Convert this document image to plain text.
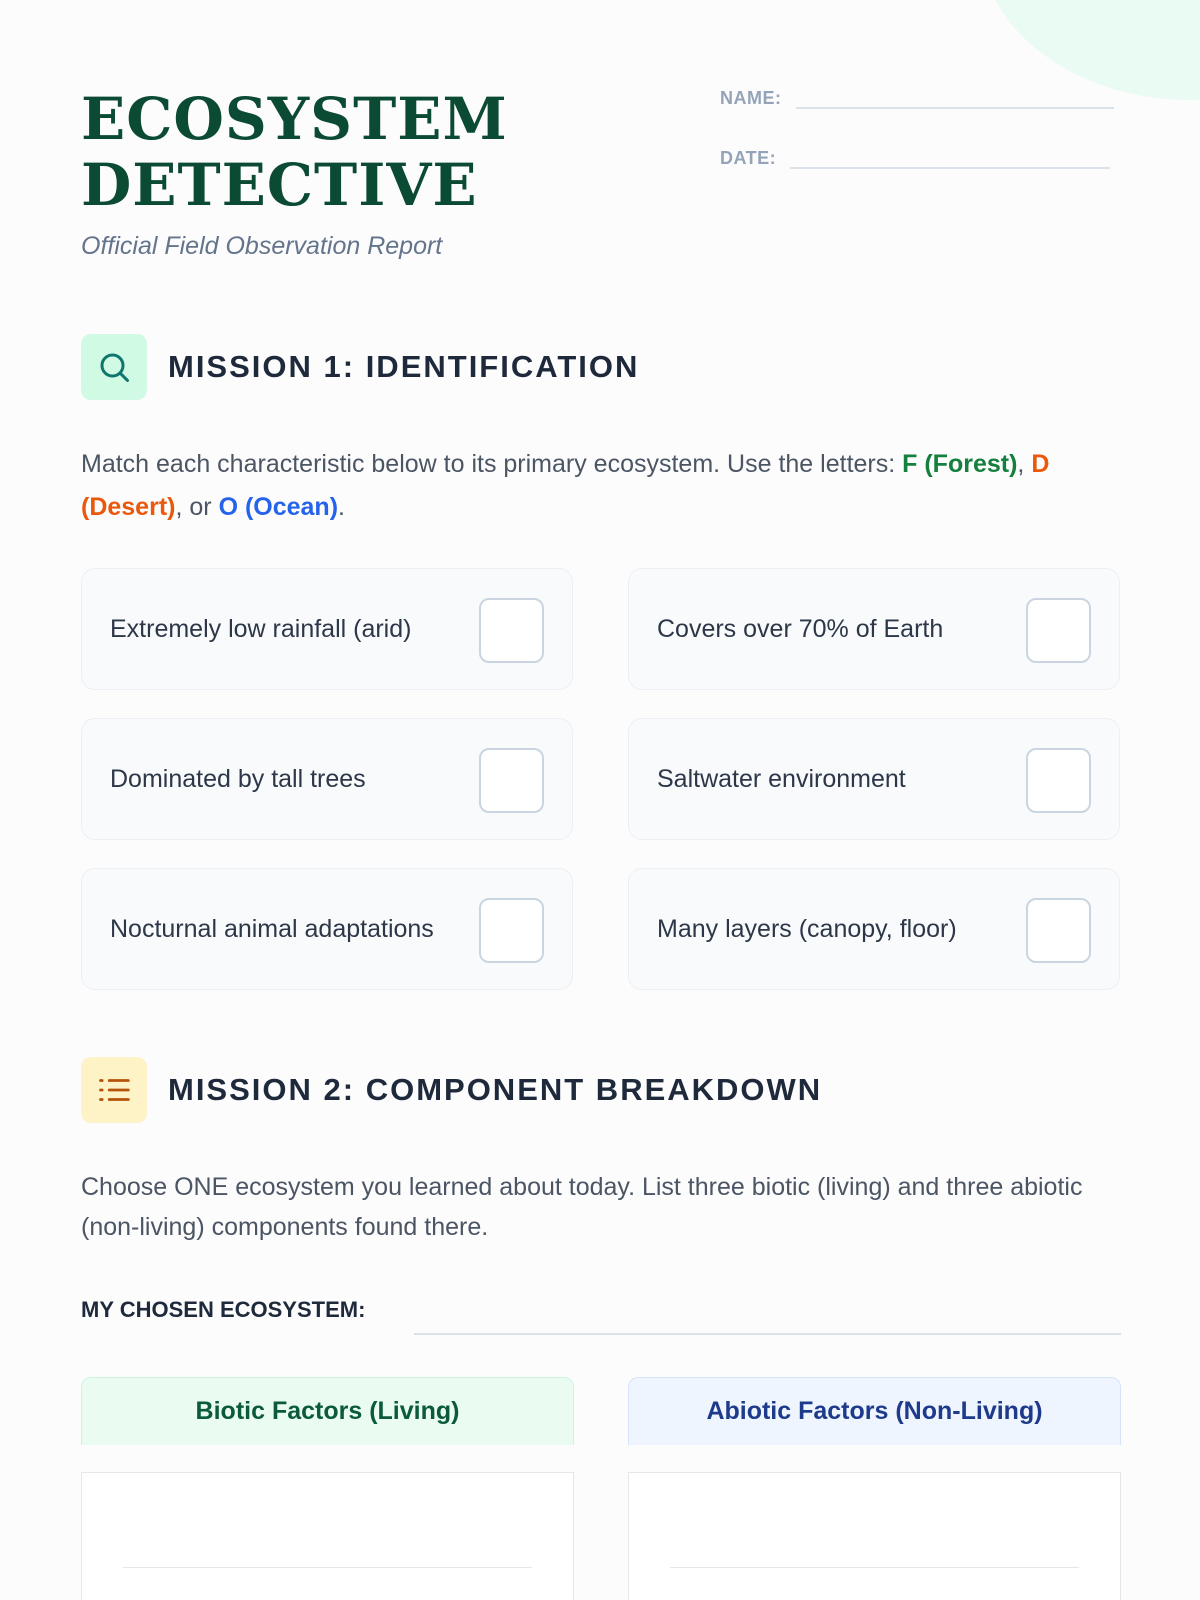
ECOSYSTEM
DETECTIVE
Official Field Observation Report
NAME:
DATE:
MISSION 1: IDENTIFICATION

Match each characteristic below to its primary ecosystem. Use the letters: F (Forest), D (Desert), or O (Ocean).

Extremely low rainfall (arid)	Covers over 70% of Earth
Dominated by tall trees	Saltwater environment
Nocturnal animal adaptations	Many layers (canopy, floor)
MISSION 2: COMPONENT BREAKDOWN

Choose ONE ecosystem you learned about today. List three biotic (living) and three abiotic (non-living) components found there.

MY CHOSEN ECOSYSTEM:
Biotic Factors (Living)	Abiotic Factors (Non-Living)
